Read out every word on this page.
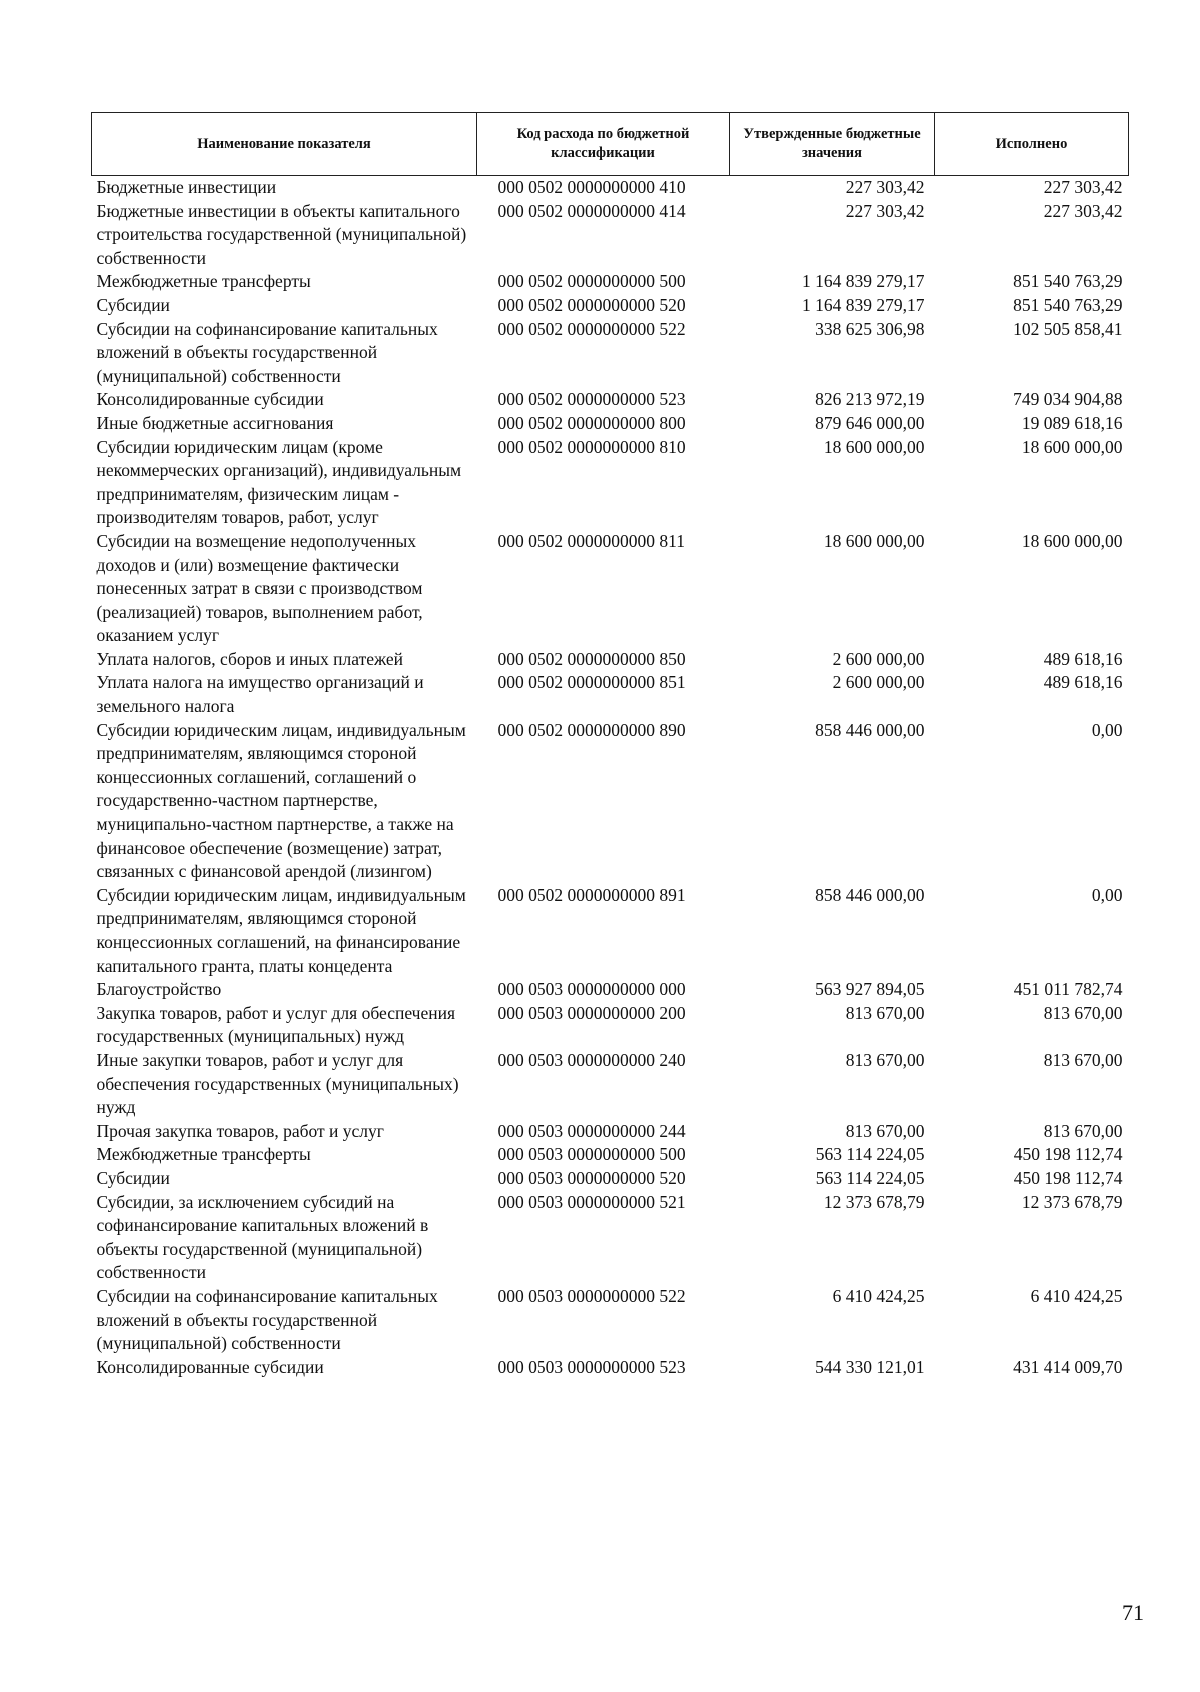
Наименование показателя	Код расхода по бюджетной классификации	Утвержденные бюджетные значения	Исполнено
Бюджетные инвестиции	000 0502 0000000000 410	227 303,42	227 303,42
Бюджетные инвестиции в объекты капитального строительства государственной (муниципальной) собственности	000 0502 0000000000 414	227 303,42	227 303,42
Межбюджетные трансферты	000 0502 0000000000 500	1 164 839 279,17	851 540 763,29
Субсидии	000 0502 0000000000 520	1 164 839 279,17	851 540 763,29
Субсидии на софинансирование капитальных вложений в объекты государственной (муниципальной) собственности	000 0502 0000000000 522	338 625 306,98	102 505 858,41
Консолидированные субсидии	000 0502 0000000000 523	826 213 972,19	749 034 904,88
Иные бюджетные ассигнования	000 0502 0000000000 800	879 646 000,00	19 089 618,16
Субсидии юридическим лицам (кроме некоммерческих организаций), индивидуальным предпринимателям, физическим лицам - производителям товаров, работ, услуг	000 0502 0000000000 810	18 600 000,00	18 600 000,00
Субсидии на возмещение недополученных доходов и (или) возмещение фактически понесенных затрат в связи с производством (реализацией) товаров, выполнением работ, оказанием услуг	000 0502 0000000000 811	18 600 000,00	18 600 000,00
Уплата налогов, сборов и иных платежей	000 0502 0000000000 850	2 600 000,00	489 618,16
Уплата налога на имущество организаций и земельного налога	000 0502 0000000000 851	2 600 000,00	489 618,16
Субсидии юридическим лицам, индивидуальным предпринимателям, являющимся стороной концессионных соглашений, соглашений о государственно-частном партнерстве, муниципально-частном партнерстве, а также на финансовое обеспечение (возмещение) затрат, связанных с финансовой арендой (лизингом)	000 0502 0000000000 890	858 446 000,00	0,00
Субсидии юридическим лицам, индивидуальным предпринимателям, являющимся стороной концессионных соглашений, на финансирование капитального гранта, платы концедента	000 0502 0000000000 891	858 446 000,00	0,00
Благоустройство	000 0503 0000000000 000	563 927 894,05	451 011 782,74
Закупка товаров, работ и услуг для обеспечения государственных (муниципальных) нужд	000 0503 0000000000 200	813 670,00	813 670,00
Иные закупки товаров, работ и услуг для обеспечения государственных (муниципальных) нужд	000 0503 0000000000 240	813 670,00	813 670,00
Прочая закупка товаров, работ и услуг	000 0503 0000000000 244	813 670,00	813 670,00
Межбюджетные трансферты	000 0503 0000000000 500	563 114 224,05	450 198 112,74
Субсидии	000 0503 0000000000 520	563 114 224,05	450 198 112,74
Субсидии, за исключением субсидий на софинансирование капитальных вложений в объекты государственной (муниципальной) собственности	000 0503 0000000000 521	12 373 678,79	12 373 678,79
Субсидии на софинансирование капитальных вложений в объекты государственной (муниципальной) собственности	000 0503 0000000000 522	6 410 424,25	6 410 424,25
Консолидированные субсидии	000 0503 0000000000 523	544 330 121,01	431 414 009,70
71
